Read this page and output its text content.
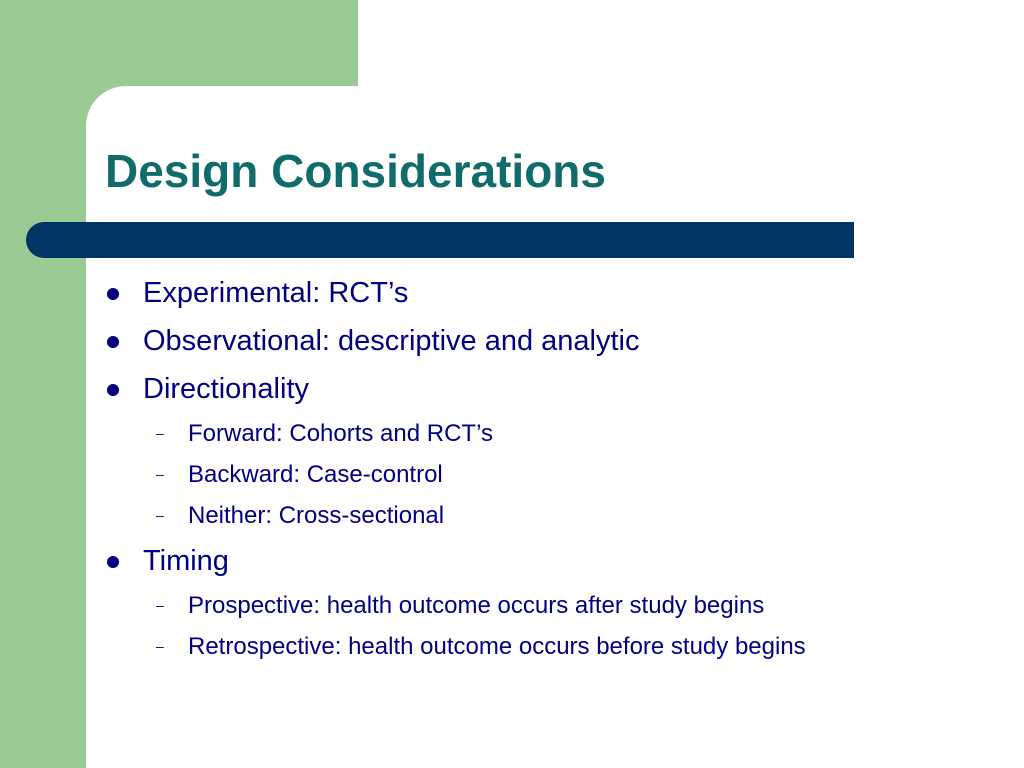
Design Considerations
Experimental: RCT’s
Observational: descriptive and analytic
Directionality
– Forward: Cohorts and RCT’s
– Backward: Case-control
– Neither: Cross-sectional
Timing
– Prospective: health outcome occurs after study begins
– Retrospective: health outcome occurs before study begins
